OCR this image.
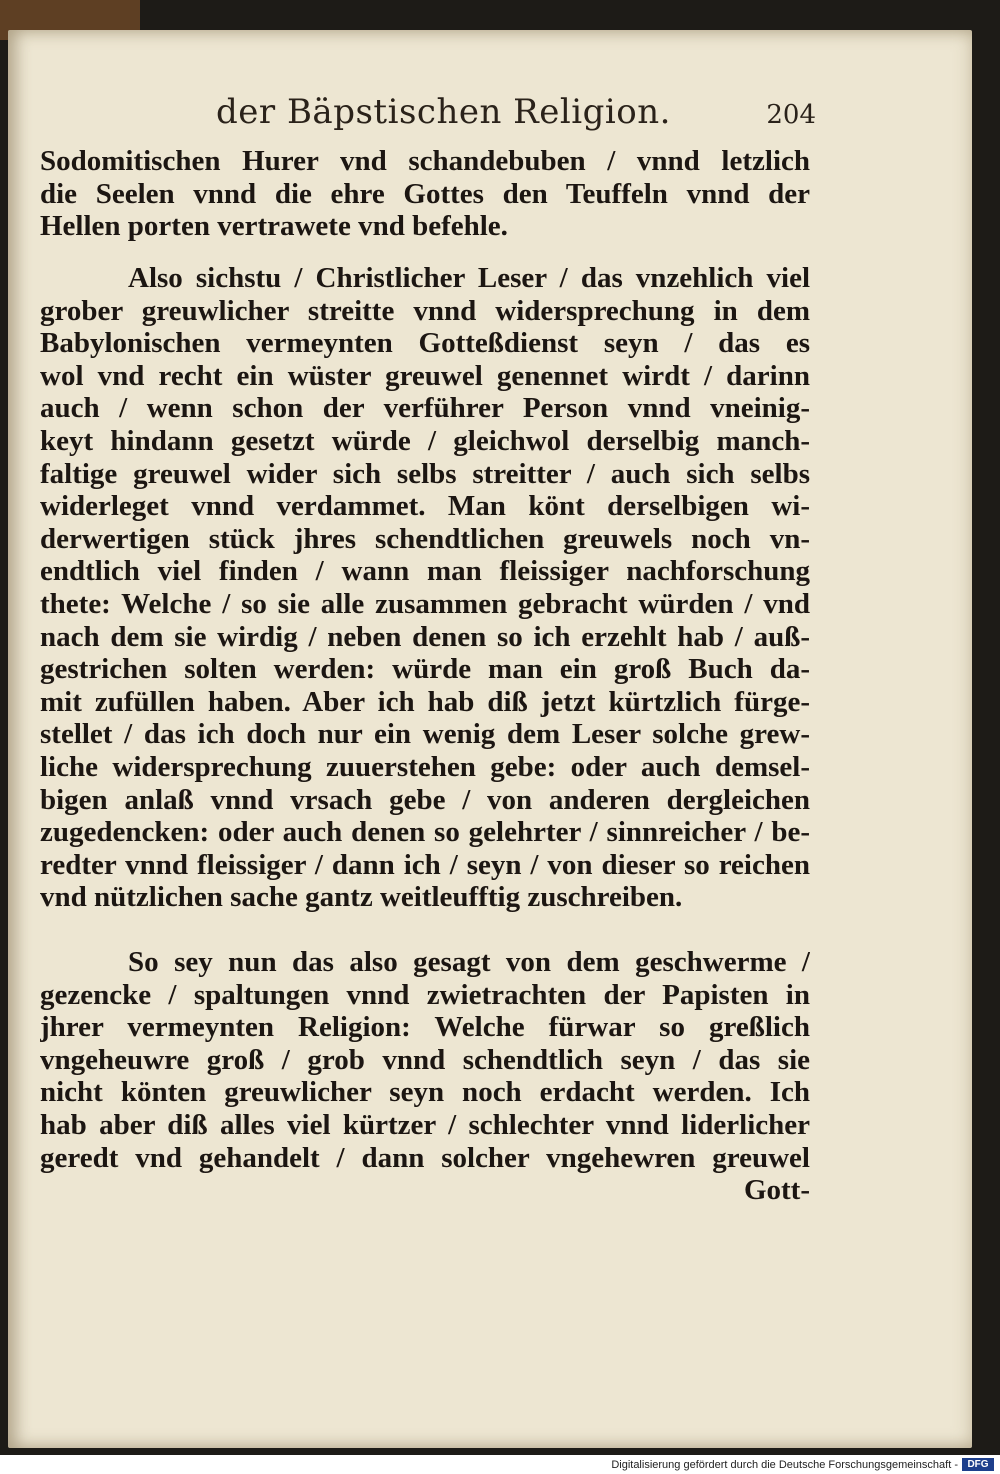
der Bäpstischen Religion.	204
Sodomitischen Hurer vnd schandebuben / vnnd letzlich
die Seelen vnnd die ehre Gottes den Teuffeln vnnd der
Hellen porten vertrawete vnd befehle.
Also sichstu / Christlicher Leser / das vnzehlich viel
grober greuwlicher streitte vnnd widersprechung in dem
Babylonischen vermeynten Gotteßdienst seyn / das es
wol vnd recht ein wüster greuwel genennet wirdt / darinn
auch / wenn schon der verführer Person vnnd vneinig-
keyt hindann gesetzt würde / gleichwol derselbig manch-
faltige greuwel wider sich selbs streitter / auch sich selbs
widerleget vnnd verdammet. Man könt derselbigen wi-
derwertigen stück jhres schendtlichen greuwels noch vn-
endtlich viel finden / wann man fleissiger nachforschung
thete: Welche / so sie alle zusammen gebracht würden / vnd
nach dem sie wirdig / neben denen so ich erzehlt hab / auß-
gestrichen solten werden: würde man ein groß Buch da-
mit zufüllen haben. Aber ich hab diß jetzt kürtzlich fürge-
stellet / das ich doch nur ein wenig dem Leser solche grew-
liche widersprechung zuuerstehen gebe: oder auch demsel-
bigen anlaß vnnd vrsach gebe / von anderen dergleichen
zugedencken: oder auch denen so gelehrter / sinnreicher / be-
redter vnnd fleissiger / dann ich / seyn / von dieser so reichen
vnd nützlichen sache gantz weitleufftig zuschreiben.
So sey nun das also gesagt von dem geschwerme /
gezencke / spaltungen vnnd zwietrachten der Papisten in
jhrer vermeynten Religion: Welche fürwar so greßlich
vngeheuwre groß / grob vnnd schendtlich seyn / das sie
nicht könten greuwlicher seyn noch erdacht werden. Ich
hab aber diß alles viel kürtzer / schlechter vnnd liderlicher
geredt vnd gehandelt / dann solcher vngehewren greuwel
Gott-
Digitalisierung gefördert durch die Deutsche Forschungsgemeinschaft - DFG
